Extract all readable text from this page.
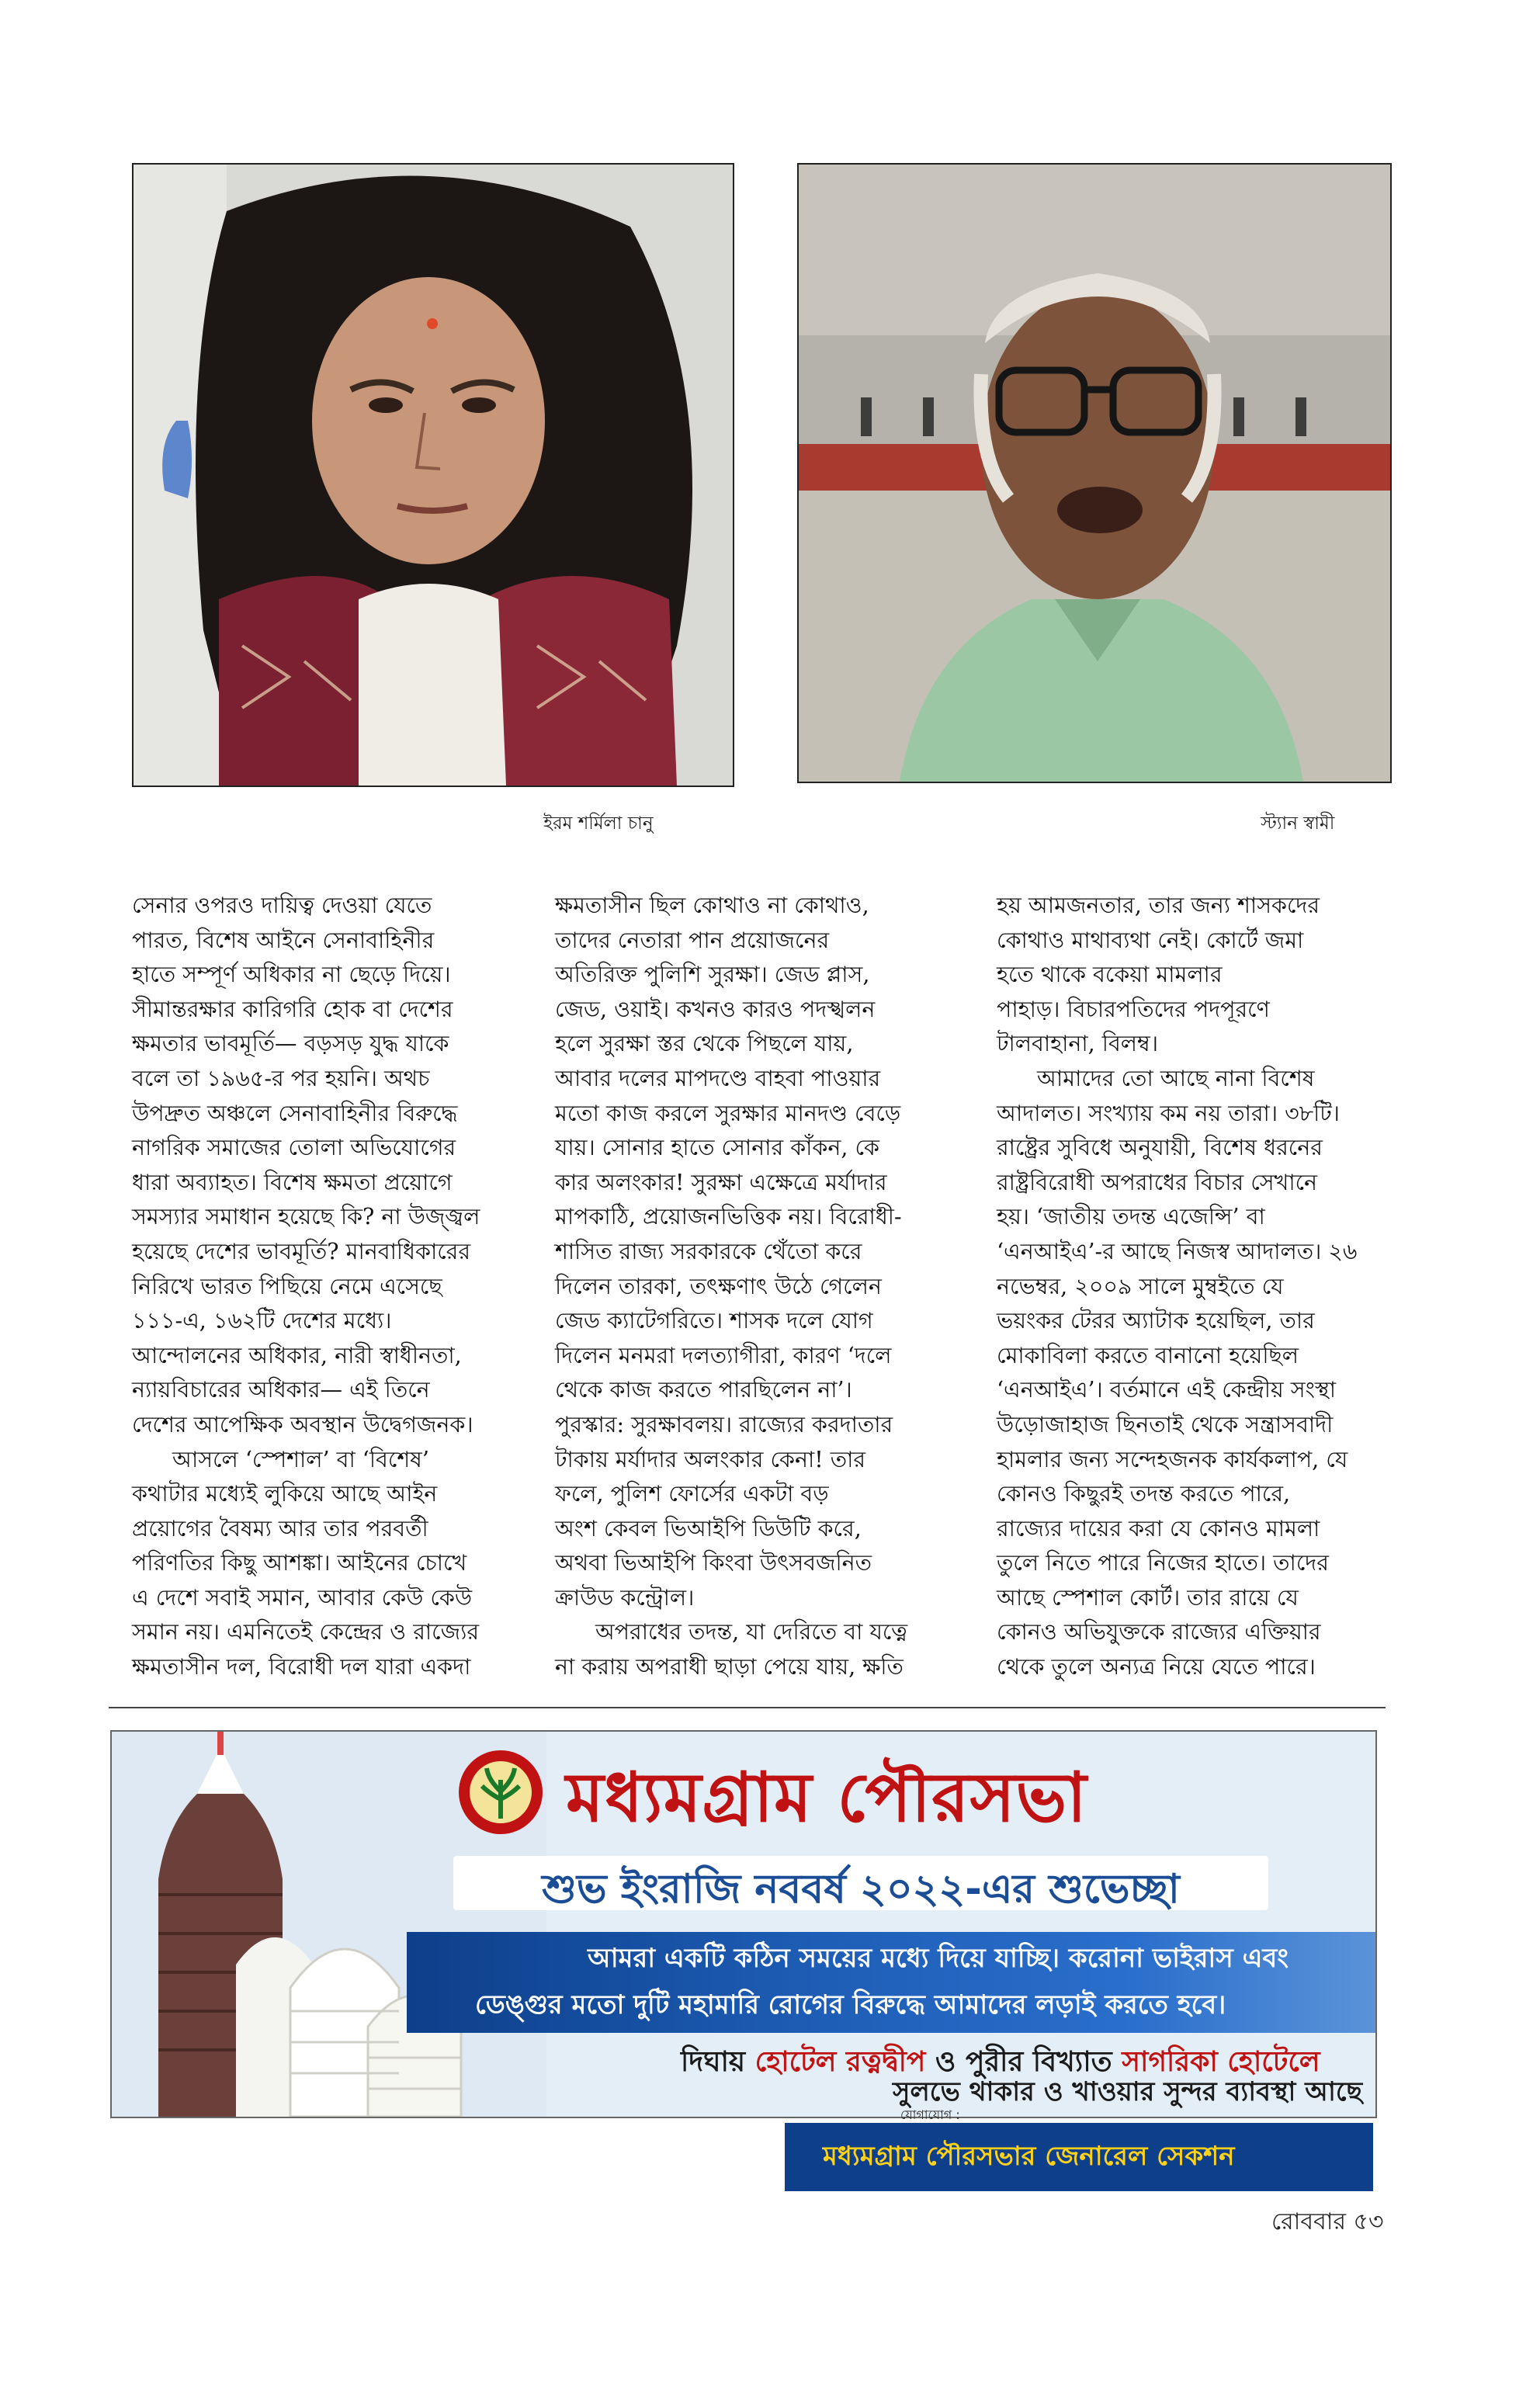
ইরম শর্মিলা চানু	স্ট্যান স্বামী

সেনার ওপরও দায়িত্ব দেওয়া যেতে

পারত, বিশেষ আইনে সেনাবাহিনীর

হাতে সম্পূর্ণ অধিকার না ছেড়ে দিয়ে।

সীমান্তরক্ষার কারিগরি হোক বা দেশের

ক্ষমতার ভাবমূর্তি— বড়সড় যুদ্ধ যাকে

বলে তা ১৯৬৫-র পর হয়নি। অথচ

উপদ্রুত অঞ্চলে সেনাবাহিনীর বিরুদ্ধে

নাগরিক সমাজের তোলা অভিযোগের

ধারা অব্যাহত। বিশেষ ক্ষমতা প্রয়োগে

সমস্যার সমাধান হয়েছে কি? না উজ্জ্বল

হয়েছে দেশের ভাবমূর্তি? মানবাধিকারের

নিরিখে ভারত পিছিয়ে নেমে এসেছে

১১১-এ, ১৬২টি দেশের মধ্যে।

আন্দোলনের অধিকার, নারী স্বাধীনতা,

ন্যায়বিচারের অধিকার— এই তিনে

দেশের আপেক্ষিক অবস্থান উদ্বেগজনক।

আসলে ‘স্পেশাল’ বা ‘বিশেষ’

কথাটার মধ্যেই লুকিয়ে আছে আইন

প্রয়োগের বৈষম্য আর তার পরবর্তী

পরিণতির কিছু আশঙ্কা। আইনের চোখে

এ দেশে সবাই সমান, আবার কেউ কেউ

সমান নয়। এমনিতেই কেন্দ্রের ও রাজ্যের

ক্ষমতাসীন দল, বিরোধী দল যারা একদা

ক্ষমতাসীন ছিল কোথাও না কোথাও,

তাদের নেতারা পান প্রয়োজনের

অতিরিক্ত পুলিশি সুরক্ষা। জেড প্লাস,

জেড, ওয়াই। কখনও কারও পদস্খলন

হলে সুরক্ষা স্তর থেকে পিছলে যায়,

আবার দলের মাপদণ্ডে বাহবা পাওয়ার

মতো কাজ করলে সুরক্ষার মানদণ্ড বেড়ে

যায়। সোনার হাতে সোনার কাঁকন, কে

কার অলংকার! সুরক্ষা এক্ষেত্রে মর্যাদার

মাপকাঠি, প্রয়োজনভিত্তিক নয়। বিরোধী-

শাসিত রাজ্য সরকারকে থেঁতো করে

দিলেন তারকা, তৎক্ষণাৎ উঠে গেলেন

জেড ক্যাটেগরিতে। শাসক দলে যোগ

দিলেন মনমরা দলত্যাগীরা, কারণ ‘দলে

থেকে কাজ করতে পারছিলেন না’।

পুরস্কার: সুরক্ষাবলয়। রাজ্যের করদাতার

টাকায় মর্যাদার অলংকার কেনা! তার

ফলে, পুলিশ ফোর্সের একটা বড়

অংশ কেবল ভিআইপি ডিউটি করে,

অথবা ভিআইপি কিংবা উৎসবজনিত

ক্রাউড কন্ট্রোল।

অপরাধের তদন্ত, যা দেরিতে বা যত্নে

না করায় অপরাধী ছাড়া পেয়ে যায়, ক্ষতি

হয় আমজনতার, তার জন্য শাসকদের

কোথাও মাথাব্যথা নেই। কোর্টে জমা

হতে থাকে বকেয়া মামলার

পাহাড়। বিচারপতিদের পদপূরণে

টালবাহানা, বিলম্ব।

আমাদের তো আছে নানা বিশেষ

আদালত। সংখ্যায় কম নয় তারা। ৩৮টি।

রাষ্ট্রের সুবিধে অনুযায়ী, বিশেষ ধরনের

রাষ্ট্রবিরোধী অপরাধের বিচার সেখানে

হয়। ‘জাতীয় তদন্ত এজেন্সি’ বা

‘এনআইএ’-র আছে নিজস্ব আদালত। ২৬

নভেম্বর, ২০০৯ সালে মুম্বইতে যে

ভয়ংকর টেরর অ্যাটাক হয়েছিল, তার

মোকাবিলা করতে বানানো হয়েছিল

‘এনআইএ’। বর্তমানে এই কেন্দ্রীয় সংস্থা

উড়োজাহাজ ছিনতাই থেকে সন্ত্রাসবাদী

হামলার জন্য সন্দেহজনক কার্যকলাপ, যে

কোনও কিছুরই তদন্ত করতে পারে,

রাজ্যের দায়ের করা যে কোনও মামলা

তুলে নিতে পারে নিজের হাতে। তাদের

আছে স্পেশাল কোর্ট। তার রায়ে যে

কোনও অভিযুক্তকে রাজ্যের এক্তিয়ার

থেকে তুলে অন্যত্র নিয়ে যেতে পারে।

মধ্যমগ্রাম পৌরসভা
শুভ ইংরাজি নববর্ষ ২০২২-এর শুভেচ্ছা
আমরা একটি কঠিন সময়ের মধ্যে দিয়ে যাচ্ছি। করোনা ভাইরাস এবং
ডেঙ্গুর মতো দুটি মহামারি রোগের বিরুদ্ধে আমাদের লড়াই করতে হবে।
দিঘায় হোটেল রত্নদ্বীপ ও পুরীর বিখ্যাত সাগরিকা হোটেলে
সুলভে থাকার ও খাওয়ার সুন্দর ব্যাবস্থা আছে
যোগাযোগ :
মধ্যমগ্রাম পৌরসভার জেনারেল সেকশন
রোববার ৫৩
